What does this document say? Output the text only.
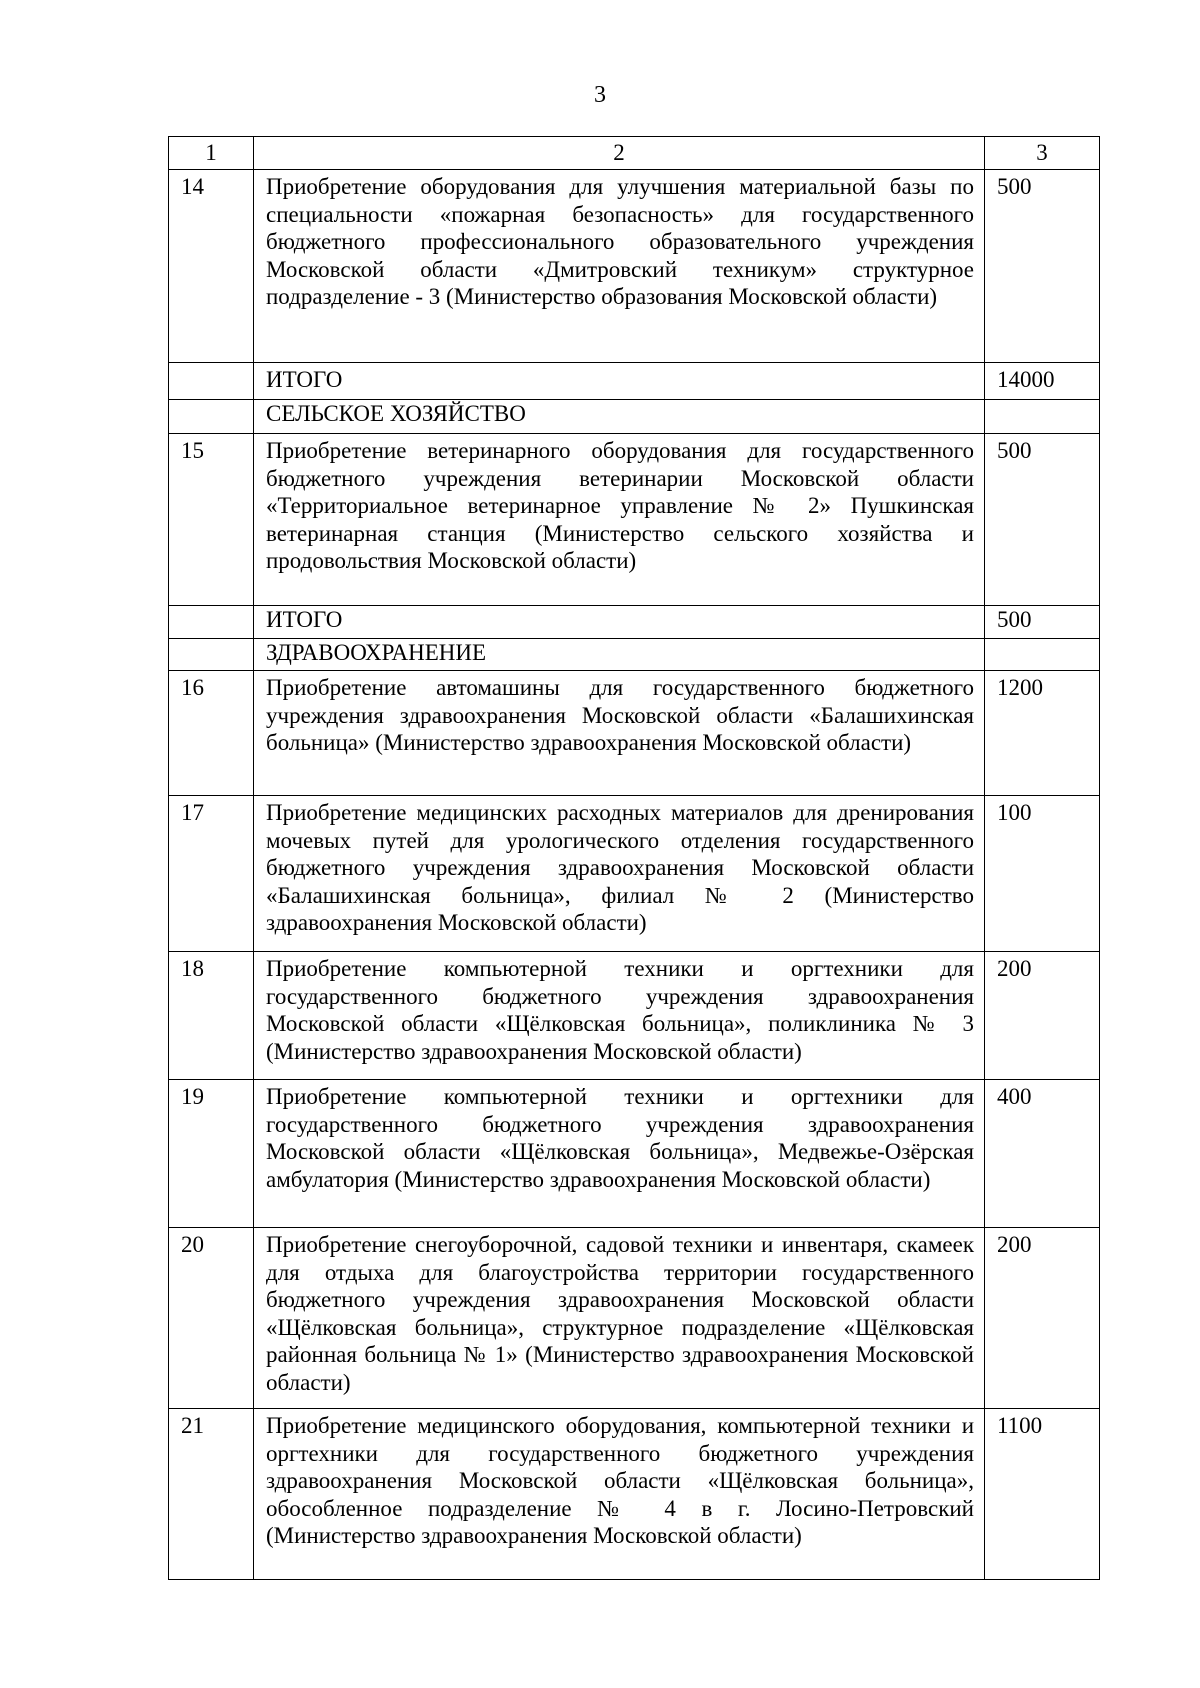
3
1	2	3
14	Приобретение оборудования для улучшения материальной базы по специальности «пожарная безопасность» для государственного бюджетного профессионального образовательного учреждения Московской области «Дмитровский техникум» структурное подразделение - 3 (Министерство образования Московской области)	500
	ИТОГО	14000
	СЕЛЬСКОЕ ХОЗЯЙСТВО	
15	Приобретение ветеринарного оборудования для государственного бюджетного учреждения ветеринарии Московской области «Территориальное ветеринарное управление № 2» Пушкинская ветеринарная станция (Министерство сельского хозяйства и продовольствия Московской области)	500
	ИТОГО	500
	ЗДРАВООХРАНЕНИЕ	
16	Приобретение автомашины для государственного бюджетного учреждения здравоохранения Московской области «Балашихинская больница» (Министерство здравоохранения Московской области)	1200
17	Приобретение медицинских расходных материалов для дренирования мочевых путей для урологического отделения государственного бюджетного учреждения здравоохранения Московской области «Балашихинская больница», филиал № 2 (Министерство здравоохранения Московской области)	100
18	Приобретение компьютерной техники и оргтехники для государственного бюджетного учреждения здравоохранения Московской области «Щёлковская больница», поликлиника № 3 (Министерство здравоохранения Московской области)	200
19	Приобретение компьютерной техники и оргтехники для государственного бюджетного учреждения здравоохранения Московской области «Щёлковская больница», Медвежье-Озёрская амбулатория (Министерство здравоохранения Московской области)	400
20	Приобретение снегоуборочной, садовой техники и инвентаря, скамеек для отдыха для благоустройства территории государственного бюджетного учреждения здравоохранения Московской области «Щёлковская больница», структурное подразделение «Щёлковская районная больница № 1» (Министерство здравоохранения Московской области)	200
21	Приобретение медицинского оборудования, компьютерной техники и оргтехники для государственного бюджетного учреждения здравоохранения Московской области «Щёлковская больница», обособленное подразделение № 4 в г. Лосино-Петровский (Министерство здравоохранения Московской области)	1100
